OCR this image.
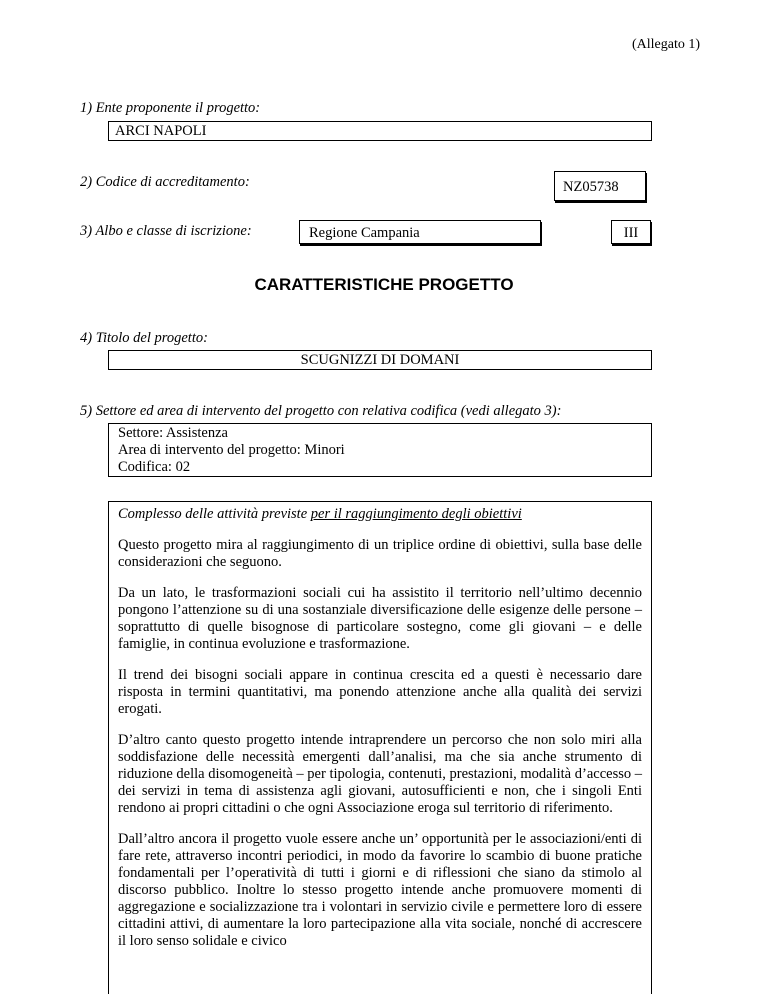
(Allegato 1)
1) Ente proponente il progetto:
ARCI NAPOLI
2) Codice di accreditamento:	NZ05738
3) Albo e classe di iscrizione:	Regione Campania	III
CARATTERISTICHE PROGETTO
4) Titolo del progetto:
SCUGNIZZI DI DOMANI
5) Settore ed area di intervento del progetto con relativa codifica (vedi allegato 3):
Settore: Assistenza
Area di intervento del progetto: Minori
Codifica: 02

Complesso delle attività previste per il raggiungimento degli obiettivi

Questo progetto mira al raggiungimento di un triplice ordine di obiettivi, sulla base delle considerazioni che seguono.

Da un lato, le trasformazioni sociali cui ha assistito il territorio nell’ultimo decennio pongono l’attenzione su di una sostanziale diversificazione delle esigenze delle persone – soprattutto di quelle bisognose di particolare sostegno, come gli giovani – e delle famiglie, in continua evoluzione e trasformazione.

Il trend dei bisogni sociali appare in continua crescita ed a questi è necessario dare risposta in termini quantitativi, ma ponendo attenzione anche alla qualità dei servizi erogati.

D’altro canto questo progetto intende intraprendere un percorso che non solo miri alla soddisfazione delle necessità emergenti dall’analisi, ma che sia anche strumento di riduzione della disomogeneità – per tipologia, contenuti, prestazioni, modalità d’accesso – dei servizi in tema di assistenza agli giovani, autosufficienti e non, che i singoli Enti rendono ai propri cittadini o che ogni Associazione eroga sul territorio di riferimento.

Dall’altro ancora il progetto vuole essere anche un’ opportunità per le associazioni/enti di fare rete, attraverso incontri periodici, in modo da favorire lo scambio di buone pratiche fondamentali per l’operatività di tutti i giorni e di riflessioni che siano da stimolo al discorso pubblico. Inoltre lo stesso progetto intende anche promuovere momenti di aggregazione e socializzazione tra i volontari in servizio civile e permettere loro di essere cittadini attivi, di aumentare la loro partecipazione alla vita sociale, nonché di accrescere il loro senso solidale e civico
